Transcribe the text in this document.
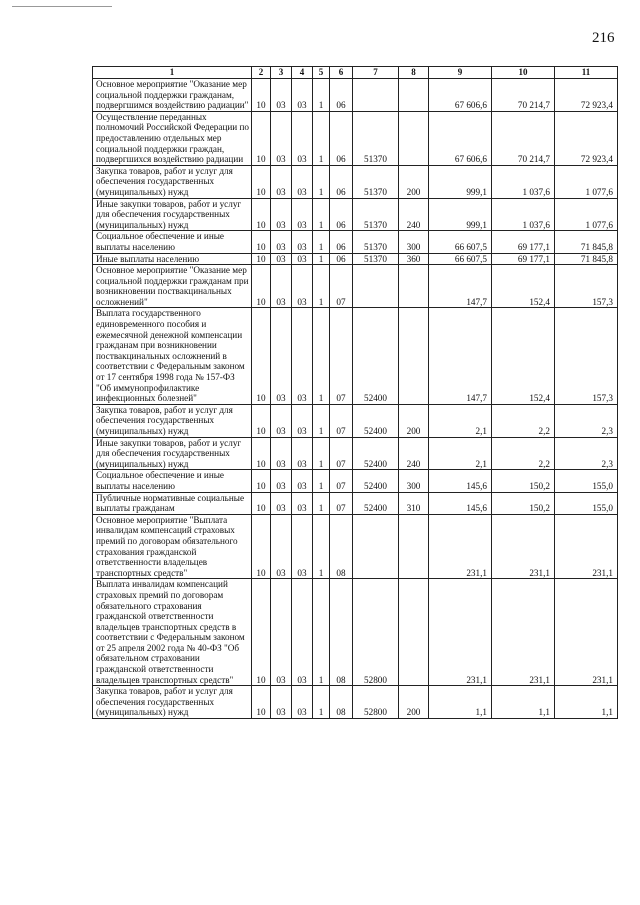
216
1	2	3	4	5	6	7	8	9	10	11
Основное мероприятие "Оказание мер социальной поддержки гражданам, подвергшимся воздействию радиации"	10	03	03	1	06			67 606,6	70 214,7	72 923,4
Осуществление переданных полномочий Российской Федерации по предоставлению отдельных мер социальной поддержки граждан, подвергшихся воздействию радиации	10	03	03	1	06	51370		67 606,6	70 214,7	72 923,4
Закупка товаров, работ и услуг для обеспечения государственных (муниципальных) нужд	10	03	03	1	06	51370	200	999,1	1 037,6	1 077,6
Иные закупки товаров, работ и услуг для обеспечения государственных (муниципальных) нужд	10	03	03	1	06	51370	240	999,1	1 037,6	1 077,6
Социальное обеспечение и иные выплаты населению	10	03	03	1	06	51370	300	66 607,5	69 177,1	71 845,8
Иные выплаты населению	10	03	03	1	06	51370	360	66 607,5	69 177,1	71 845,8
Основное мероприятие "Оказание мер социальной поддержки гражданам при возникновении поствакцинальных осложнений"	10	03	03	1	07			147,7	152,4	157,3
Выплата государственного единовременного пособия и ежемесячной денежной компенсации гражданам при возникновении поствакцинальных осложнений в соответствии с Федеральным законом от 17 сентября 1998 года № 157-ФЗ "Об иммунопрофилактике инфекционных болезней"	10	03	03	1	07	52400		147,7	152,4	157,3
Закупка товаров, работ и услуг для обеспечения государственных (муниципальных) нужд	10	03	03	1	07	52400	200	2,1	2,2	2,3
Иные закупки товаров, работ и услуг для обеспечения государственных (муниципальных) нужд	10	03	03	1	07	52400	240	2,1	2,2	2,3
Социальное обеспечение и иные выплаты населению	10	03	03	1	07	52400	300	145,6	150,2	155,0
Публичные нормативные социальные выплаты гражданам	10	03	03	1	07	52400	310	145,6	150,2	155,0
Основное мероприятие "Выплата инвалидам компенсаций страховых премий по договорам обязательного страхования гражданской ответственности владельцев транспортных средств"	10	03	03	1	08			231,1	231,1	231,1
Выплата инвалидам компенсаций страховых премий по договорам обязательного страхования гражданской ответственности владельцев транспортных средств в соответствии с Федеральным законом от 25 апреля 2002 года № 40-ФЗ "Об обязательном страховании гражданской ответственности владельцев транспортных средств"	10	03	03	1	08	52800		231,1	231,1	231,1
Закупка товаров, работ и услуг для обеспечения государственных (муниципальных) нужд	10	03	03	1	08	52800	200	1,1	1,1	1,1
